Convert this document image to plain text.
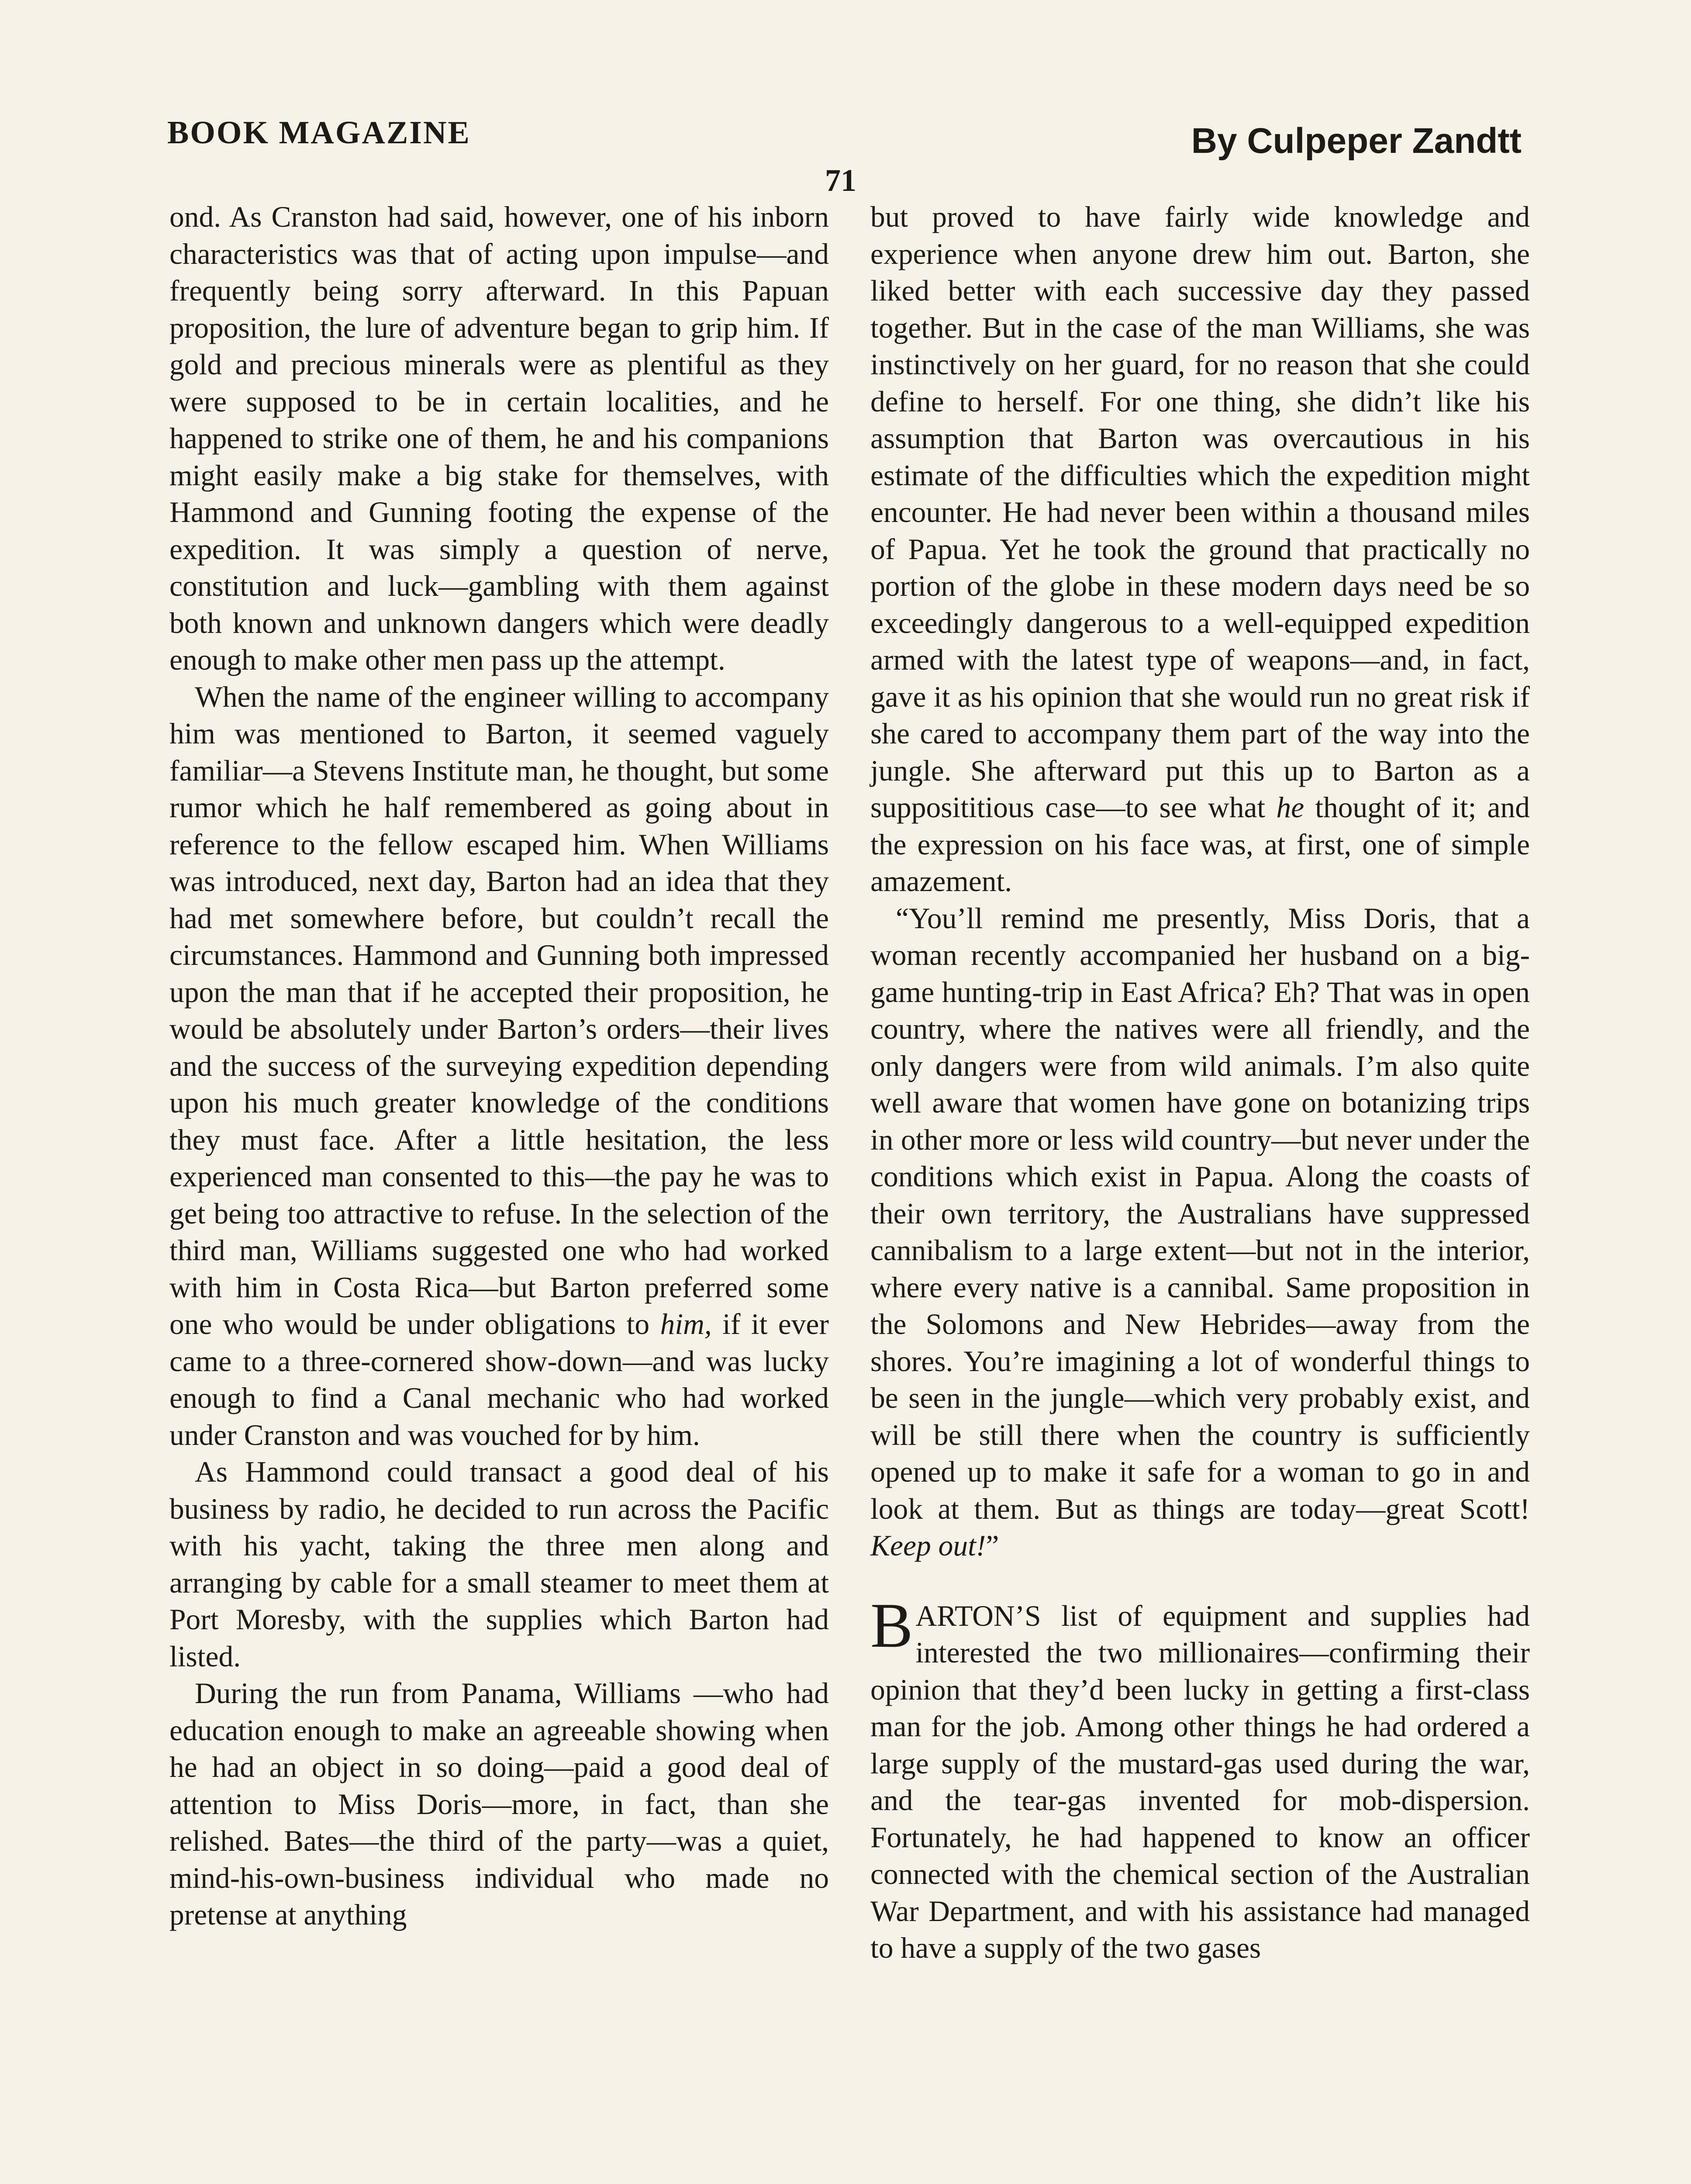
BOOK MAGAZINE	By Culpeper Zandtt
71

ond. As Cranston had said, however, one of his inborn characteristics was that of acting upon impulse—and frequently being sorry afterward. In this Papuan proposition, the lure of adventure began to grip him. If gold and precious minerals were as plentiful as they were supposed to be in certain localities, and he happened to strike one of them, he and his companions might easily make a big stake for themselves, with Hammond and Gunning footing the expense of the expedition. It was simply a question of nerve, constitution and luck—gambling with them against both known and unknown dangers which were deadly enough to make other men pass up the attempt.

When the name of the engineer willing to accompany him was mentioned to Barton, it seemed vaguely familiar—a Stevens Institute man, he thought, but some rumor which he half remembered as going about in reference to the fellow escaped him. When Williams was introduced, next day, Barton had an idea that they had met somewhere before, but couldn’t recall the circumstances. Hammond and Gunning both impressed upon the man that if he accepted their proposition, he would be absolutely under Barton’s orders—their lives and the success of the surveying expedition depending upon his much greater knowledge of the conditions they must face. After a little hesitation, the less experienced man consented to this—the pay he was to get being too attractive to refuse. In the selection of the third man, Williams suggested one who had worked with him in Costa Rica—but Barton preferred some one who would be under obligations to him, if it ever came to a three-cornered show-down—and was lucky enough to find a Canal mechanic who had worked under Cranston and was vouched for by him.

As Hammond could transact a good deal of his business by radio, he decided to run across the Pacific with his yacht, taking the three men along and arranging by cable for a small steamer to meet them at Port Moresby, with the supplies which Barton had listed.

During the run from Panama, Williams —who had education enough to make an agreeable showing when he had an object in so doing—paid a good deal of attention to Miss Doris—more, in fact, than she relished. Bates—the third of the party—was a quiet, mind-his-own-business individual who made no pretense at anything

but proved to have fairly wide knowledge and experience when anyone drew him out. Barton, she liked better with each successive day they passed together. But in the case of the man Williams, she was instinctively on her guard, for no reason that she could define to herself. For one thing, she didn’t like his assumption that Barton was overcautious in his estimate of the difficulties which the expedition might encounter. He had never been within a thousand miles of Papua. Yet he took the ground that practically no portion of the globe in these modern days need be so exceedingly dangerous to a well-equipped expedition armed with the latest type of weapons—and, in fact, gave it as his opinion that she would run no great risk if she cared to accompany them part of the way into the jungle. She afterward put this up to Barton as a supposititious case—to see what he thought of it; and the expression on his face was, at first, one of simple amazement.

“You’ll remind me presently, Miss Doris, that a woman recently accompanied her husband on a big-game hunting-trip in East Africa? Eh? That was in open country, where the natives were all friendly, and the only dangers were from wild animals. I’m also quite well aware that women have gone on botanizing trips in other more or less wild country—but never under the conditions which exist in Papua. Along the coasts of their own territory, the Australians have suppressed cannibalism to a large extent—but not in the interior, where every native is a cannibal. Same proposition in the Solomons and New Hebrides—away from the shores. You’re imagining a lot of wonderful things to be seen in the jungle—which very probably exist, and will be still there when the country is sufficiently opened up to make it safe for a woman to go in and look at them. But as things are today—great Scott! Keep out!”

BARTON’S list of equipment and supplies had interested the two millionaires—confirming their opinion that they’d been lucky in getting a first-class man for the job. Among other things he had ordered a large supply of the mustard-gas used during the war, and the tear-gas invented for mob-dispersion. Fortunately, he had happened to know an officer connected with the chemical section of the Australian War Department, and with his assistance had managed to have a supply of the two gases
